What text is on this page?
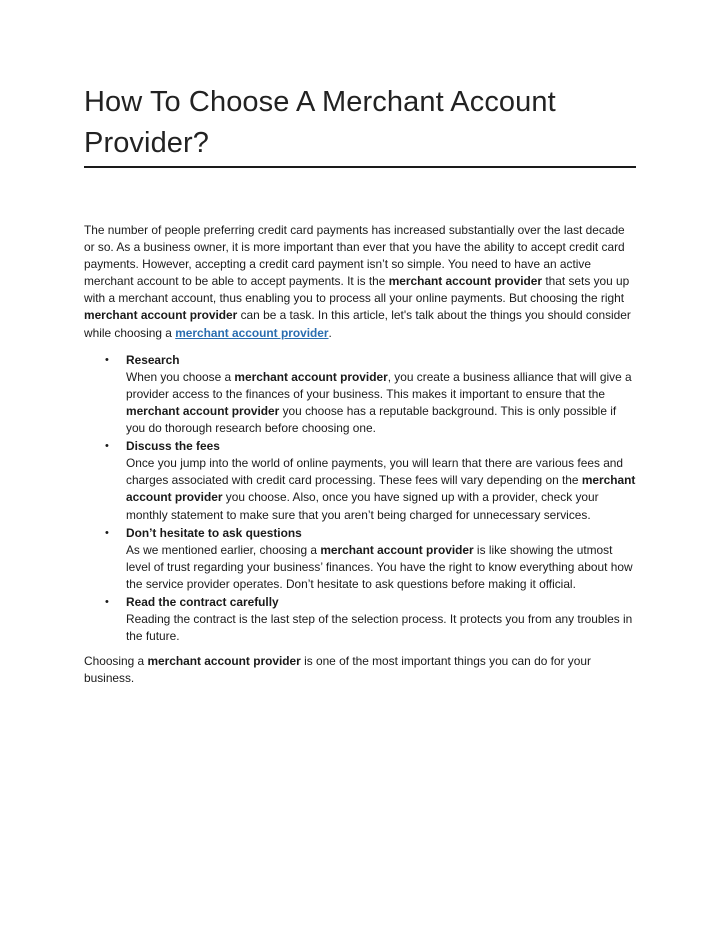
How To Choose A Merchant Account Provider?

The number of people preferring credit card payments has increased substantially over the last decade or so. As a business owner, it is more important than ever that you have the ability to accept credit card payments. However, accepting a credit card payment isn’t so simple. You need to have an active merchant account to be able to accept payments. It is the merchant account provider that sets you up with a merchant account, thus enabling you to process all your online payments. But choosing the right merchant account provider can be a task. In this article, let's talk about the things you should consider while choosing a merchant account provider.

• Research
When you choose a merchant account provider, you create a business alliance that will give a provider access to the finances of your business. This makes it important to ensure that the merchant account provider you choose has a reputable background. This is only possible if you do thorough research before choosing one.
• Discuss the fees
Once you jump into the world of online payments, you will learn that there are various fees and charges associated with credit card processing. These fees will vary depending on the merchant account provider you choose. Also, once you have signed up with a provider, check your monthly statement to make sure that you aren’t being charged for unnecessary services.
• Don’t hesitate to ask questions
As we mentioned earlier, choosing a merchant account provider is like showing the utmost level of trust regarding your business’ finances. You have the right to know everything about how the service provider operates. Don’t hesitate to ask questions before making it official.
• Read the contract carefully
Reading the contract is the last step of the selection process. It protects you from any troubles in the future.

Choosing a merchant account provider is one of the most important things you can do for your business.
